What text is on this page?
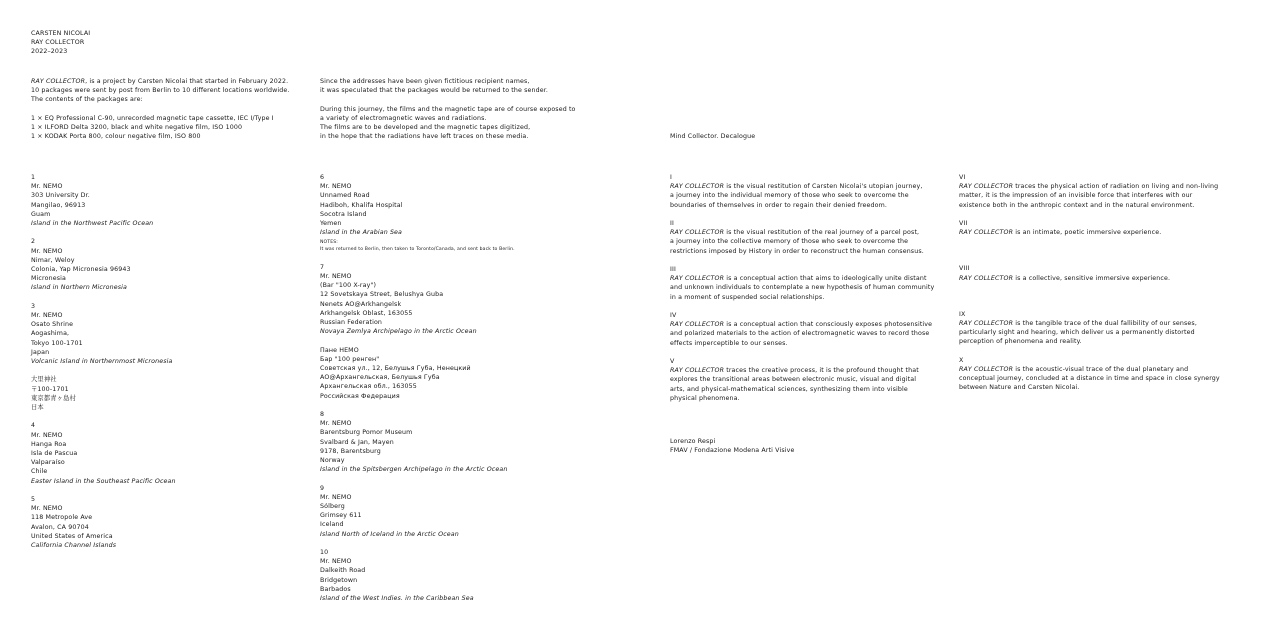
CARSTEN NICOLAI

RAY COLLECTOR

2022–2023

RAY COLLECTOR, is a project by Carsten Nicolai that started in February 2022.

10 packages were sent by post from Berlin to 10 different locations worldwide.

The contents of the packages are:

1 × EQ Professional C-90, unrecorded magnetic tape cassette, IEC I/Type I

1 × ILFORD Delta 3200, black and white negative film, ISO 1000

1 × KODAK Porta 800, colour negative film, ISO 800

Since the addresses have been given fictitious recipient names,

it was speculated that the packages would be returned to the sender.

During this journey, the films and the magnetic tape are of course exposed to

a variety of electromagnetic waves and radiations.

The films are to be developed and the magnetic tapes digitized,

in the hope that the radiations have left traces on these media.	Mind Collector. Decalogue

1

Mr. NEMO

303 University Dr.

Mangilao, 96913

Guam

Island in the Northwest Pacific Ocean

2

Mr. NEMO

Nimar, Weloy

Colonia, Yap Micronesia 96943

Micronesia

Island in Northern Micronesia

3

Mr. NEMO

Osato Shrine

Aogashima,

Tokyo 100-1701

Japan

Volcanic Island in Northernmost Micronesia

大里神社

〒100-1701

東京都青ヶ島村

日本

4

Mr. NEMO

Hanga Roa

Isla de Pascua

Valparaíso

Chile

Easter Island in the Southeast Pacific Ocean

5

Mr. NEMO

118 Metropole Ave

Avalon, CA 90704

United States of America

California Channel Islands

6

Mr. NEMO

Unnamed Road

Hadiboh, Khalifa Hospital

Socotra Island

Yemen

Island in the Arabian Sea

NOTES:
It was returned to Berlin, then taken to Toronto/Canada, and sent back to Berlin.

7

Mr. NEMO

(Bar "100 X-ray")

12 Sovetskaya Street, Belushya Guba

Nenets AO@Arkhangelsk

Arkhangelsk Oblast, 163055

Russian Federation

Novaya Zemlya Archipelago in the Arctic Ocean

Пане НЕМО

Бар "100 ренген"

Советская ул., 12, Белушья Губа, Ненецкий

АО@Архангельская, Белушья Губа

Архангельская обл., 163055

Российская Федерация

8

Mr. NEMO

Barentsburg Pomor Museum

Svalbard & Jan, Mayen

9178, Barentsburg

Norway

Island in the Spitsbergen Archipelago in the Arctic Ocean

9

Mr. NEMO

Sólberg

Grimsey 611

Iceland

Island North of Iceland in the Arctic Ocean

10

Mr. NEMO

Dalkeith Road

Bridgetown

Barbados

Island of the West Indies. in the Caribbean Sea

I

RAY COLLECTOR is the visual restitution of Carsten Nicolai's utopian journey,

a journey into the individual memory of those who seek to overcome the

boundaries of themselves in order to regain their denied freedom.

II

RAY COLLECTOR is the visual restitution of the real journey of a parcel post,

a journey into the collective memory of those who seek to overcome the

restrictions imposed by History in order to reconstruct the human consensus.

III

RAY COLLECTOR is a conceptual action that aims to ideologically unite distant

and unknown individuals to contemplate a new hypothesis of human community

in a moment of suspended social relationships.

IV

RAY COLLECTOR is a conceptual action that consciously exposes photosensitive

and polarized materials to the action of electromagnetic waves to record those

effects imperceptible to our senses.

V

RAY COLLECTOR traces the creative process, it is the profound thought that

explores the transitional areas between electronic music, visual and digital

arts, and physical-mathematical sciences, synthesizing them into visible

physical phenomena.

Lorenzo Respi

FMAV / Fondazione Modena Arti Visive

VI

RAY COLLECTOR traces the physical action of radiation on living and non-living

matter, it is the impression of an invisible force that interferes with our

existence both in the anthropic context and in the natural environment.

VII

RAY COLLECTOR is an intimate, poetic immersive experience.

VIII

RAY COLLECTOR is a collective, sensitive immersive experience.

IX

RAY COLLECTOR is the tangible trace of the dual fallibility of our senses,

particularly sight and hearing, which deliver us a permanently distorted

perception of phenomena and reality.

X

RAY COLLECTOR is the acoustic-visual trace of the dual planetary and

conceptual journey, concluded at a distance in time and space in close synergy

between Nature and Carsten Nicolai.
